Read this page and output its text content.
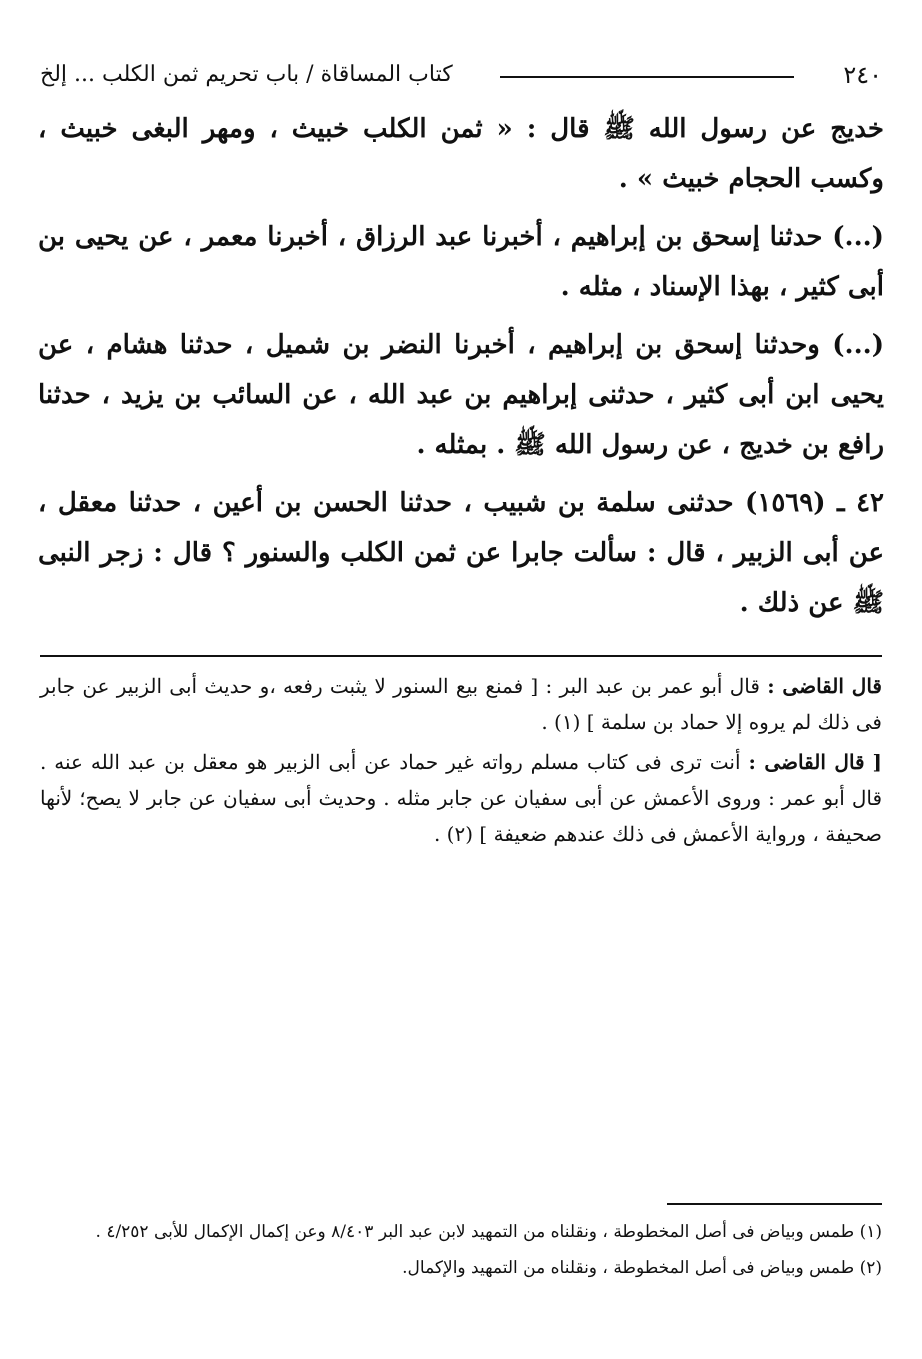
٢٤٠
كتاب المساقاة / باب تحريم ثمن الكلب ... إلخ

خديج عن رسول الله ﷺ قال : « ثمن الكلب خبيث ، ومهر البغى خبيث ، وكسب الحجام خبيث » .

(...) حدثنا إسحق بن إبراهيم ، أخبرنا عبد الرزاق ، أخبرنا معمر ، عن يحيى بن أبى كثير ، بهذا الإسناد ، مثله .

(...) وحدثنا إسحق بن إبراهيم ، أخبرنا النضر بن شميل ، حدثنا هشام ، عن يحيى ابن أبى كثير ، حدثنى إبراهيم بن عبد الله ، عن السائب بن يزيد ، حدثنا رافع بن خديج ، عن رسول الله ﷺ . بمثله .

٤٢ ـ (١٥٦٩) حدثنى سلمة بن شبيب ، حدثنا الحسن بن أعين ، حدثنا معقل ، عن أبى الزبير ، قال : سألت جابرا عن ثمن الكلب والسنور ؟ قال : زجر النبى ﷺ عن ذلك .

قال القاضى : قال أبو عمر بن عبد البر : [ فمنع بيع السنور لا يثبت رفعه ،و حديث أبى الزبير عن جابر فى ذلك لم يروه إلا حماد بن سلمة ] (١) .

[ قال القاضى : أنت ترى فى كتاب مسلم رواته غير حماد عن أبى الزبير هو معقل بن عبد الله عنه . قال أبو عمر : وروى الأعمش عن أبى سفيان عن جابر مثله . وحديث أبى سفيان عن جابر لا يصح؛ لأنها صحيفة ، ورواية الأعمش فى ذلك عندهم ضعيفة ] (٢) .

(١) طمس وبياض فى أصل المخطوطة ، ونقلناه من التمهيد لابن عبد البر ٨/٤٠٣ وعن إكمال الإكمال للأبى ٤/٢٥٢ .

(٢) طمس وبياض فى أصل المخطوطة ، ونقلناه من التمهيد والإكمال.
